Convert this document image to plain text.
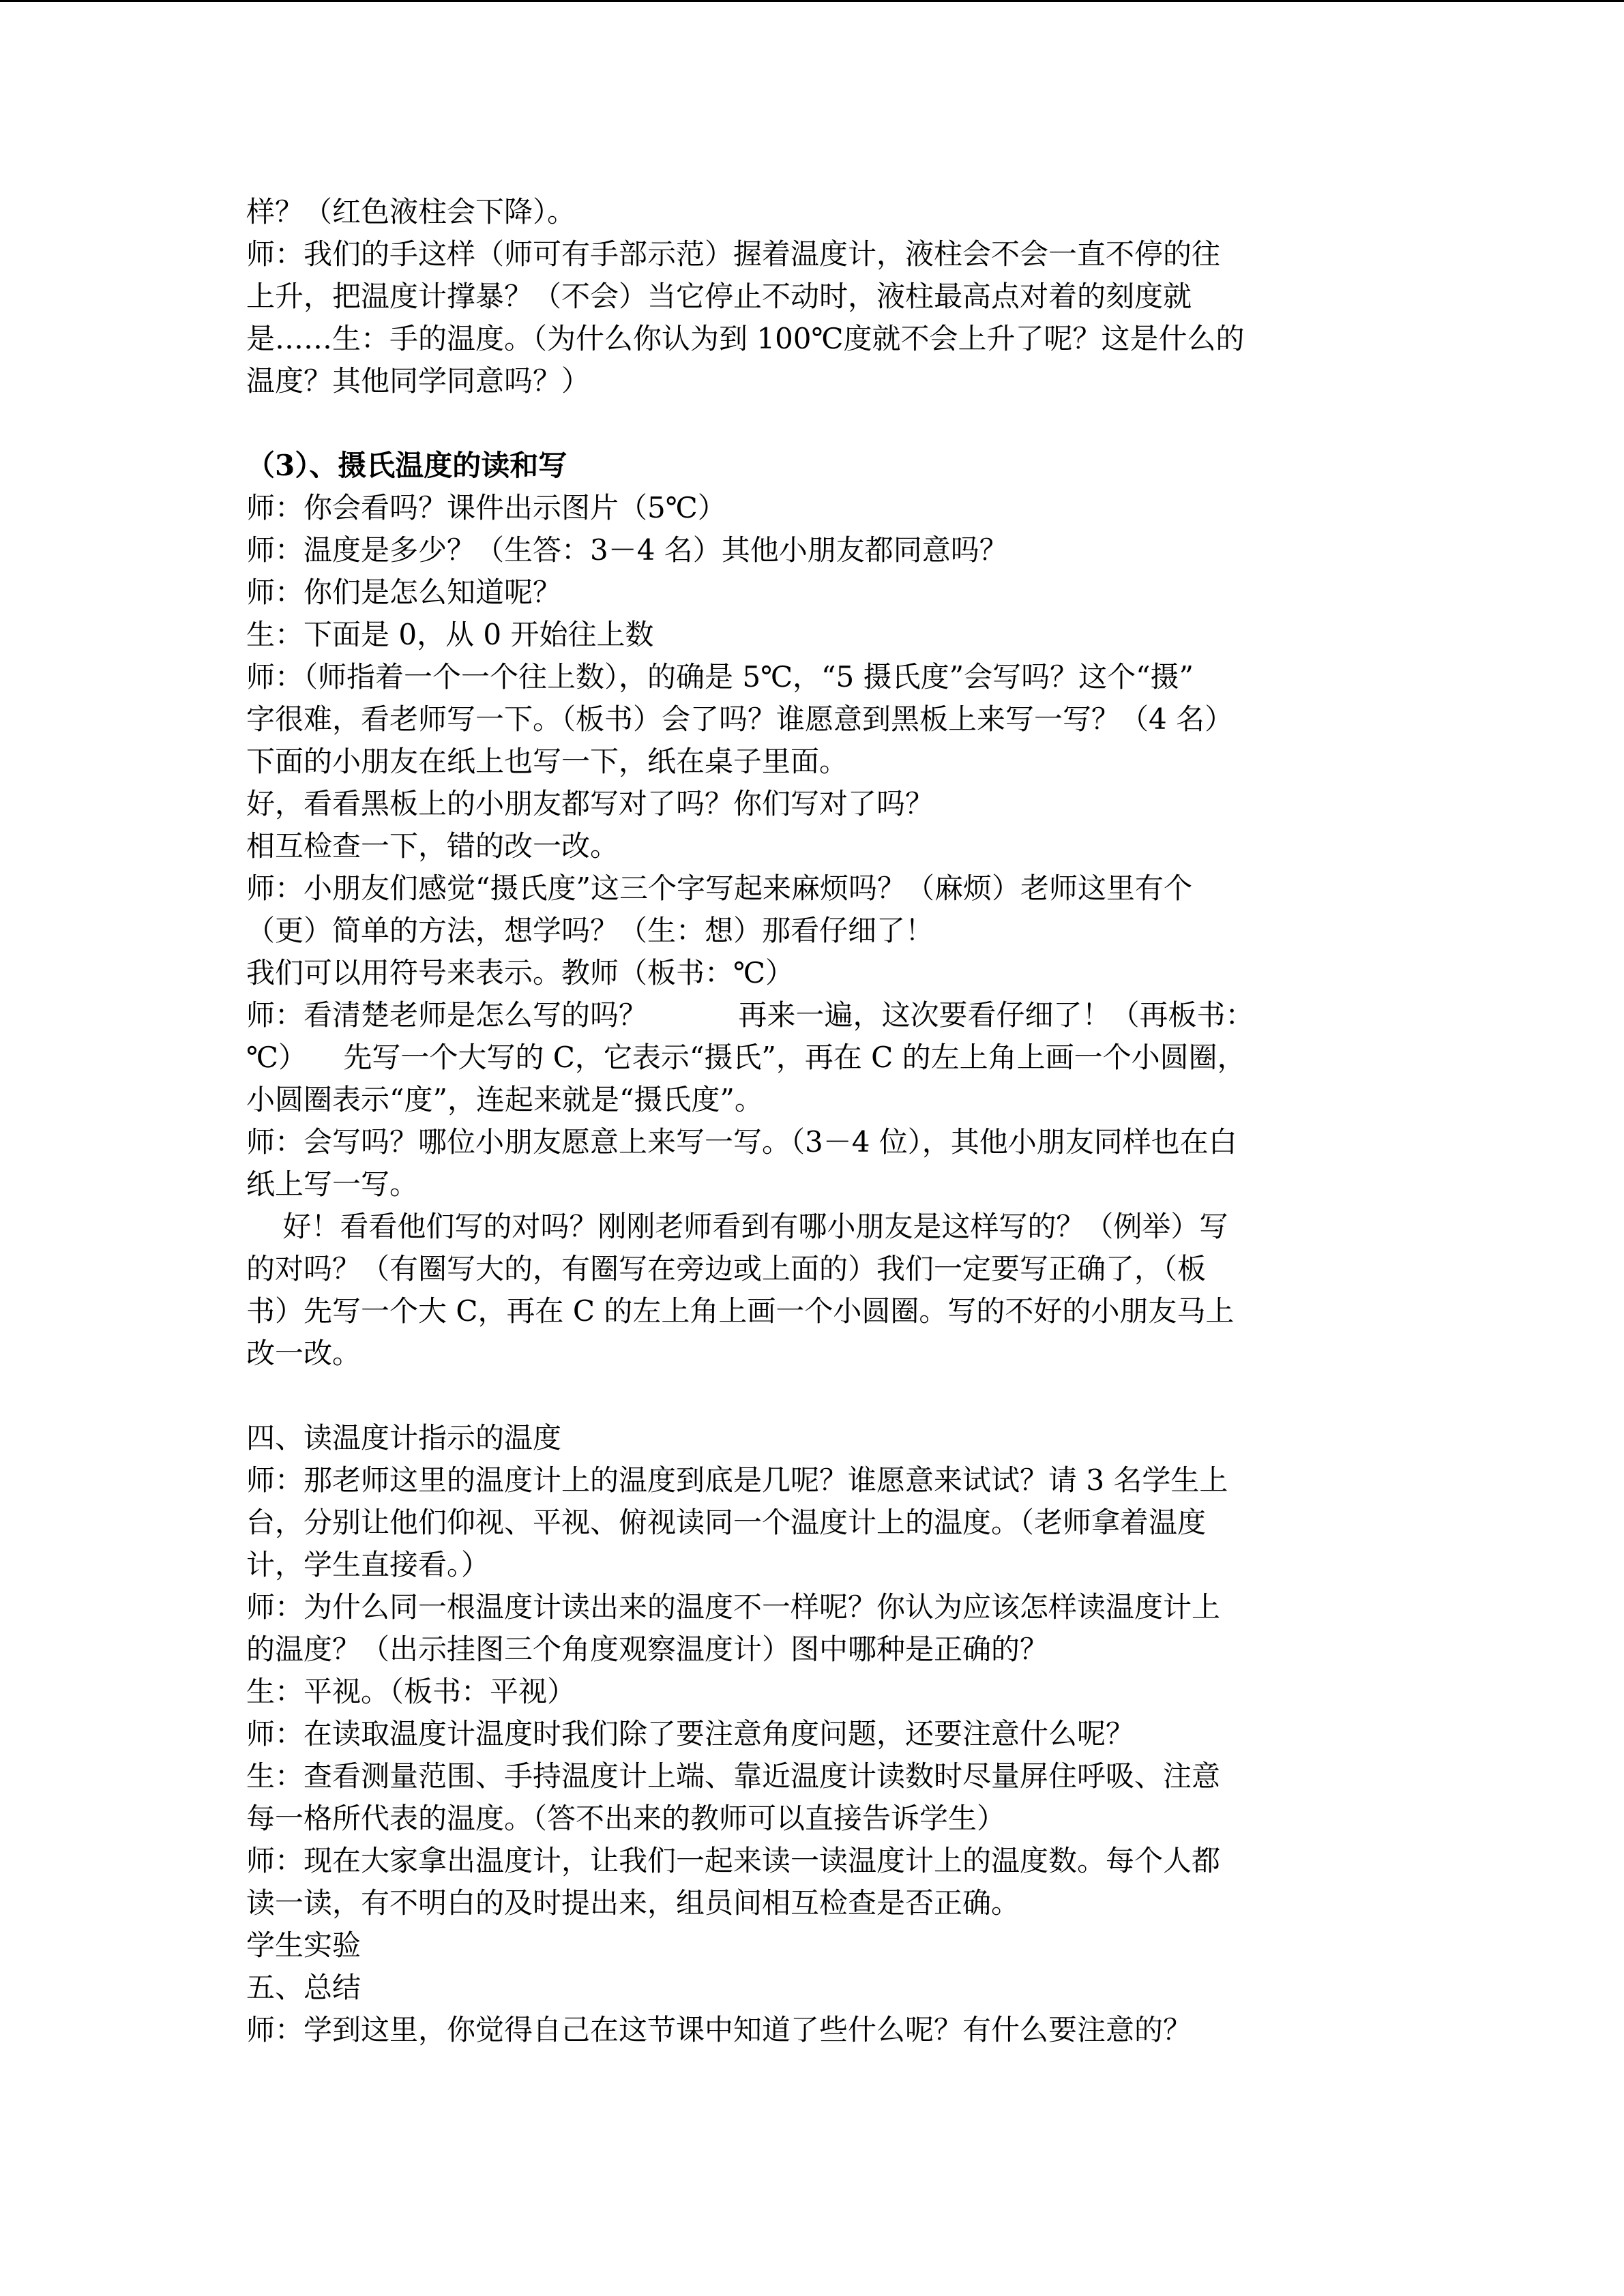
样？（红色液柱会下降）。
师：我们的手这样（师可有手部示范）握着温度计，液柱会不会一直不停的往
上升，把温度计撑暴？（不会）当它停止不动时，液柱最高点对着的刻度就
是……生：手的温度。（为什么你认为到 100℃度就不会上升了呢？这是什么的
温度？其他同学同意吗？）
（3）、摄氏温度的读和写
师：你会看吗？课件出示图片（5℃）
师：温度是多少？（生答：3－4 名）其他小朋友都同意吗？
师：你们是怎么知道呢？
生：下面是 0，从 0 开始往上数
师：（师指着一个一个往上数），的确是 5℃，“5 摄氏度”会写吗？这个“摄”
字很难，看老师写一下。（板书）会了吗？谁愿意到黑板上来写一写？（4 名）
下面的小朋友在纸上也写一下，纸在桌子里面。
好，看看黑板上的小朋友都写对了吗？你们写对了吗？
相互检查一下，错的改一改。
师：小朋友们感觉“摄氏度”这三个字写起来麻烦吗？（麻烦）老师这里有个
（更）简单的方法，想学吗？（生：想）那看仔细了！
我们可以用符号来表示。教师（板书：℃）
师：看清楚老师是怎么写的吗？          再来一遍，这次要看仔细了！（再板书：
℃）    先写一个大写的 C，它表示“摄氏”，再在 C 的左上角上画一个小圆圈，
小圆圈表示“度”，连起来就是“摄氏度”。
师：会写吗？哪位小朋友愿意上来写一写。（3－4 位），其他小朋友同样也在白
纸上写一写。
好！看看他们写的对吗？刚刚老师看到有哪小朋友是这样写的？（例举）写
的对吗？（有圈写大的，有圈写在旁边或上面的）我们一定要写正确了，（板
书）先写一个大 C，再在 C 的左上角上画一个小圆圈。写的不好的小朋友马上
改一改。
四、读温度计指示的温度
师：那老师这里的温度计上的温度到底是几呢？谁愿意来试试？请 3 名学生上
台，分别让他们仰视、平视、俯视读同一个温度计上的温度。（老师拿着温度
计，学生直接看。）
师：为什么同一根温度计读出来的温度不一样呢？你认为应该怎样读温度计上
的温度？（出示挂图三个角度观察温度计）图中哪种是正确的？
生：平视。（板书：平视）
师：在读取温度计温度时我们除了要注意角度问题，还要注意什么呢？
生：查看测量范围、手持温度计上端、靠近温度计读数时尽量屏住呼吸、注意
每一格所代表的温度。（答不出来的教师可以直接告诉学生）
师：现在大家拿出温度计，让我们一起来读一读温度计上的温度数。每个人都
读一读，有不明白的及时提出来，组员间相互检查是否正确。
学生实验
五、总结
师：学到这里，你觉得自己在这节课中知道了些什么呢？有什么要注意的？
